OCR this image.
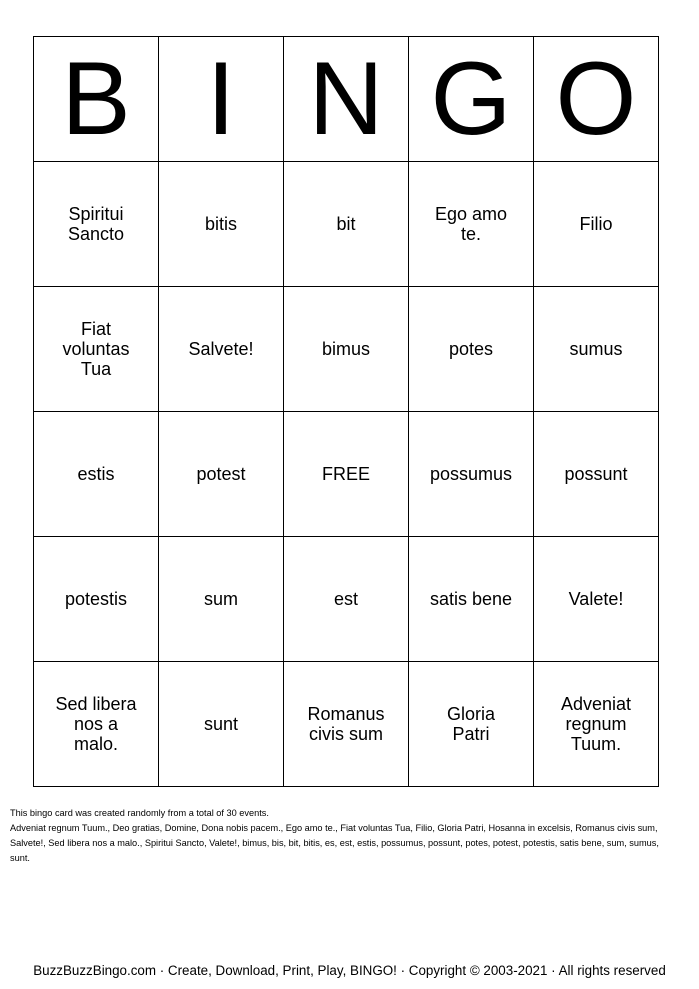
B	I	N	G	O

Spiritui Sancto	bitis	bit	Ego amo te.	Filio

Fiat voluntas Tua	Salvete!	bimus	potes	sumus

estis	potest	FREE	possumus	possunt

potestis	sum	est	satis bene	Valete!

Sed libera nos a malo.	sunt	Romanus civis sum	Gloria Patri	Adveniat regnum Tuum.

This bingo card was created randomly from a total of 30 events.

Adveniat regnum Tuum., Deo gratias, Domine, Dona nobis pacem., Ego amo te., Fiat voluntas Tua, Filio, Gloria Patri, Hosanna in excelsis, Romanus civis sum, Salvete!, Sed libera nos a malo., Spiritui Sancto, Valete!, bimus, bis, bit, bitis, es, est, estis, possumus, possunt, potes, potest, potestis, satis bene, sum, sumus, sunt.

BuzzBuzzBingo.com · Create, Download, Print, Play, BINGO! · Copyright © 2003-2021 · All rights reserved
